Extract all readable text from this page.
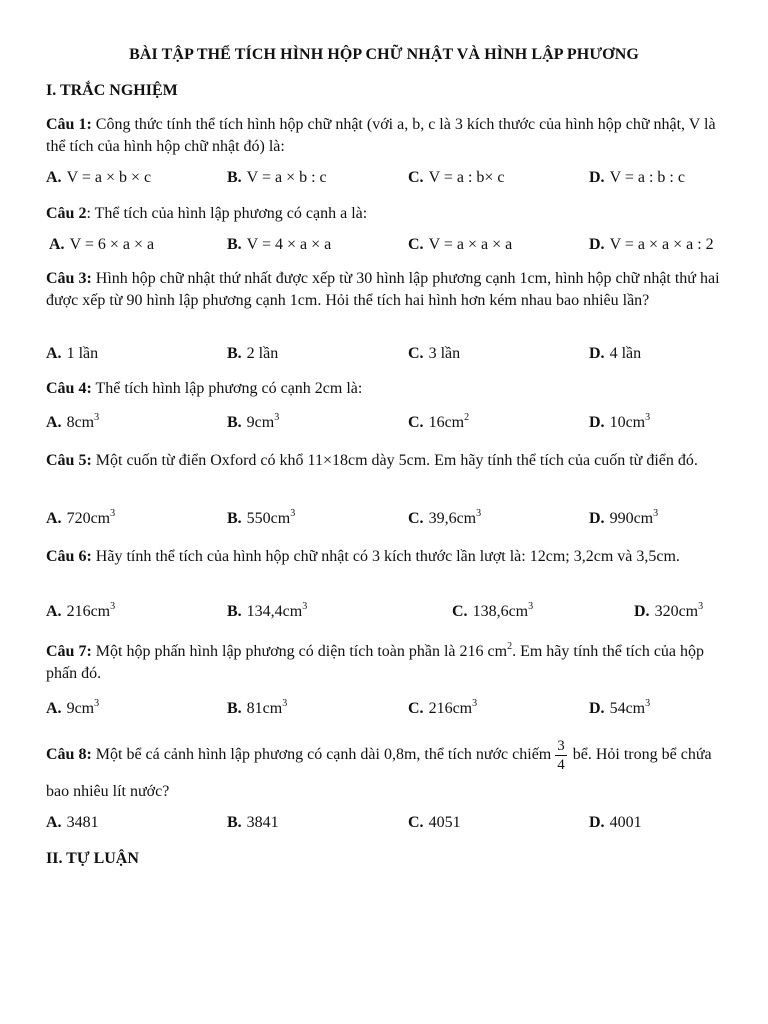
BÀI TẬP THỂ TÍCH HÌNH HỘP CHỮ NHẬT VÀ HÌNH LẬP PHƯƠNG
I. TRẮC NGHIỆM
Câu 1: Công thức tính thể tích hình hộp chữ nhật (với a, b, c là 3 kích thước của hình hộp chữ nhật, V là thể tích của hình hộp chữ nhật đó) là:
A. V = a × b × c	B. V = a × b : c	C. V = a : b× c	D. V = a : b : c
Câu 2: Thể tích của hình lập phương có cạnh a là:
A. V = 6 × a × a	B. V = 4 × a × a	C. V = a × a × a	D. V = a × a × a : 2
Câu 3: Hình hộp chữ nhật thứ nhất được xếp từ 30 hình lập phương cạnh 1cm, hình hộp chữ nhật thứ hai được xếp từ 90 hình lập phương cạnh 1cm. Hỏi thể tích hai hình hơn kém nhau bao nhiêu lần?
A. 1 lần	B. 2 lần	C. 3 lần	D. 4 lần
Câu 4: Thể tích hình lập phương có cạnh 2cm là:
A. $8cm^3$	B. $9cm^3$	C. $16cm^2$	D. $10cm^3$
Câu 5: Một cuốn từ điển Oxford có khổ 11×18cm dày 5cm. Em hãy tính thể tích của cuốn từ điển đó.
A. $720cm^3$	B. $550cm^3$	C. $39,6cm^3$	D. $990cm^3$
Câu 6: Hãy tính thể tích của hình hộp chữ nhật có 3 kích thước lần lượt là: 12cm; 3,2cm và 3,5cm.
A. $216cm^3$	B. $134,4cm^3$	C. $138,6cm^3$	D. $320cm^3$
Câu 7: Một hộp phấn hình lập phương có diện tích toàn phần là 216 $cm^2$. Em hãy tính thể tích của hộp phấn đó.
A. $9cm^3$	B. $81cm^3$	C. $216cm^3$	D. $54cm^3$
Câu 8: Một bể cá cảnh hình lập phương có cạnh dài 0,8m, thể tích nước chiếm $\frac{3}{4}$ bể. Hỏi trong bể chứa bao nhiêu lít nước?
A. 3481	B. 3841	C. 4051	D. 4001
II. TỰ LUẬN
